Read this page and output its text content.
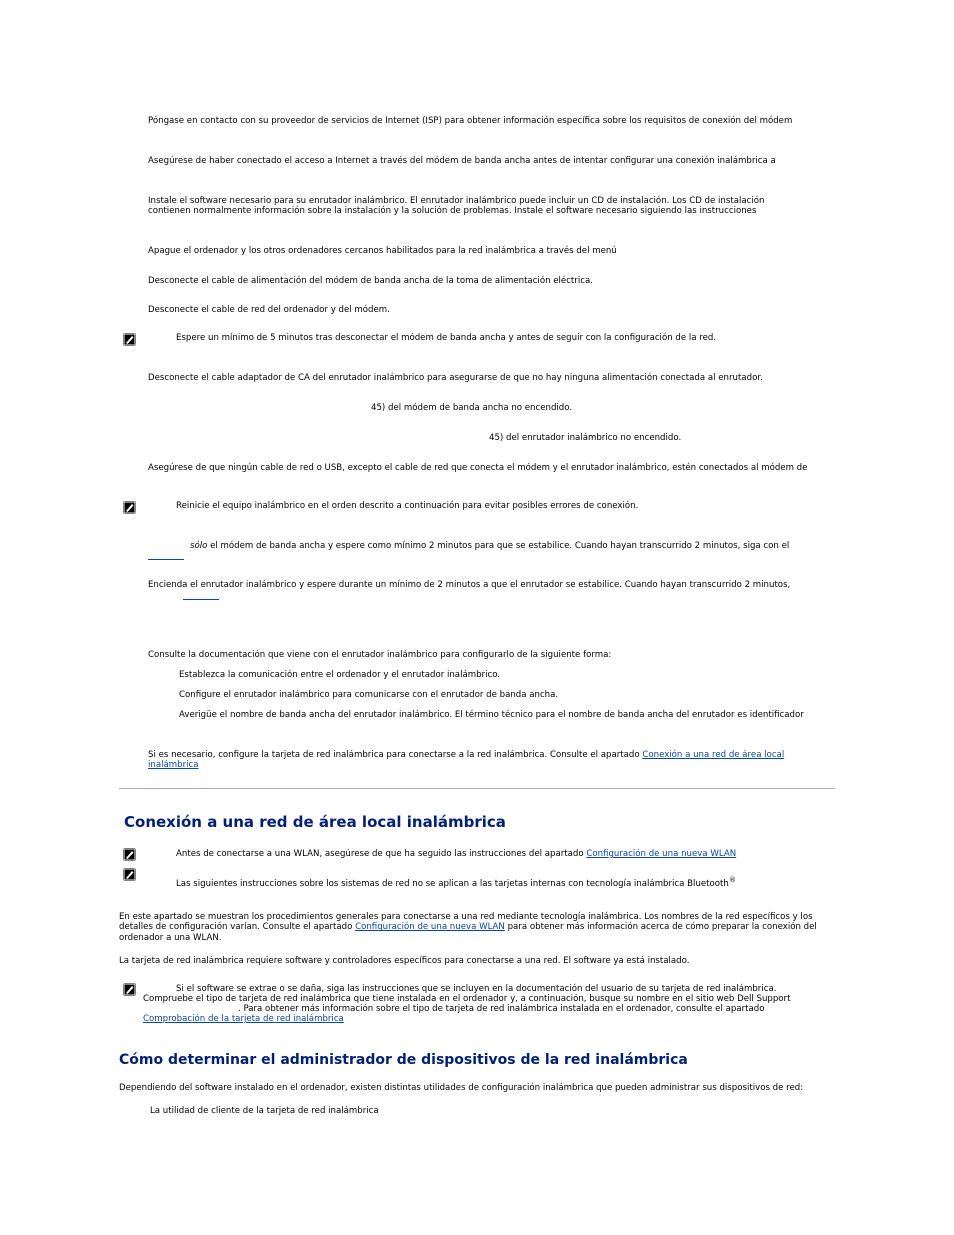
Póngase en contacto con su proveedor de servicios de Internet (ISP) para obtener información específica sobre los requisitos de conexión del módem
Asegúrese de haber conectado el acceso a Internet a través del módem de banda ancha antes de intentar configurar una conexión inalámbrica a
Instale el software necesario para su enrutador inalámbrico. El enrutador inalámbrico puede incluir un CD de instalación. Los CD de instalación
contienen normalmente información sobre la instalación y la solución de problemas. Instale el software necesario siguiendo las instrucciones
Apague el ordenador y los otros ordenadores cercanos habilitados para la red inalámbrica a través del menú
Desconecte el cable de alimentación del módem de banda ancha de la toma de alimentación eléctrica.
Desconecte el cable de red del ordenador y del módem.
Espere un mínimo de 5 minutos tras desconectar el módem de banda ancha y antes de seguir con la configuración de la red.
Desconecte el cable adaptador de CA del enrutador inalámbrico para asegurarse de que no hay ninguna alimentación conectada al enrutador.
45) del módem de banda ancha no encendido.
45) del enrutador inalámbrico no encendido.
Asegúrese de que ningún cable de red o USB, excepto el cable de red que conecta el módem y el enrutador inalámbrico, estén conectados al módem de
Reinicie el equipo inalámbrico en el orden descrito a continuación para evitar posibles errores de conexión.
sólo el módem de banda ancha y espere como mínimo 2 minutos para que se estabilice. Cuando hayan transcurrido 2 minutos, siga con el
Encienda el enrutador inalámbrico y espere durante un mínimo de 2 minutos a que el enrutador se estabilice. Cuando hayan transcurrido 2 minutos,
Consulte la documentación que viene con el enrutador inalámbrico para configurarlo de la siguiente forma:
Establezca la comunicación entre el ordenador y el enrutador inalámbrico.
Configure el enrutador inalámbrico para comunicarse con el enrutador de banda ancha.
Averigüe el nombre de banda ancha del enrutador inalámbrico. El término técnico para el nombre de banda ancha del enrutador es identificador
Si es necesario, configure la tarjeta de red inalámbrica para conectarse a la red inalámbrica. Consulte el apartado Conexión a una red de área local inalámbrica
Conexión a una red de área local inalámbrica
Antes de conectarse a una WLAN, asegúrese de que ha seguido las instrucciones del apartado Configuración de una nueva WLAN
Las siguientes instrucciones sobre los sistemas de red no se aplican a las tarjetas internas con tecnología inalámbrica Bluetooth®
En este apartado se muestran los procedimientos generales para conectarse a una red mediante tecnología inalámbrica. Los nombres de la red específicos y los detalles de configuración varían. Consulte el apartado Configuración de una nueva WLAN para obtener más información acerca de cómo preparar la conexión del ordenador a una WLAN.
La tarjeta de red inalámbrica requiere software y controladores específicos para conectarse a una red. El software ya está instalado.
Si el software se extrae o se daña, siga las instrucciones que se incluyen en la documentación del usuario de su tarjeta de red inalámbrica.
Compruebe el tipo de tarjeta de red inalámbrica que tiene instalada en el ordenador y, a continuación, busque su nombre en el sitio web Dell Support
. Para obtener más información sobre el tipo de tarjeta de red inalámbrica instalada en el ordenador, consulte el apartado
Comprobación de la tarjeta de red inalámbrica
Cómo determinar el administrador de dispositivos de la red inalámbrica
Dependiendo del software instalado en el ordenador, existen distintas utilidades de configuración inalámbrica que pueden administrar sus dispositivos de red:
La utilidad de cliente de la tarjeta de red inalámbrica
